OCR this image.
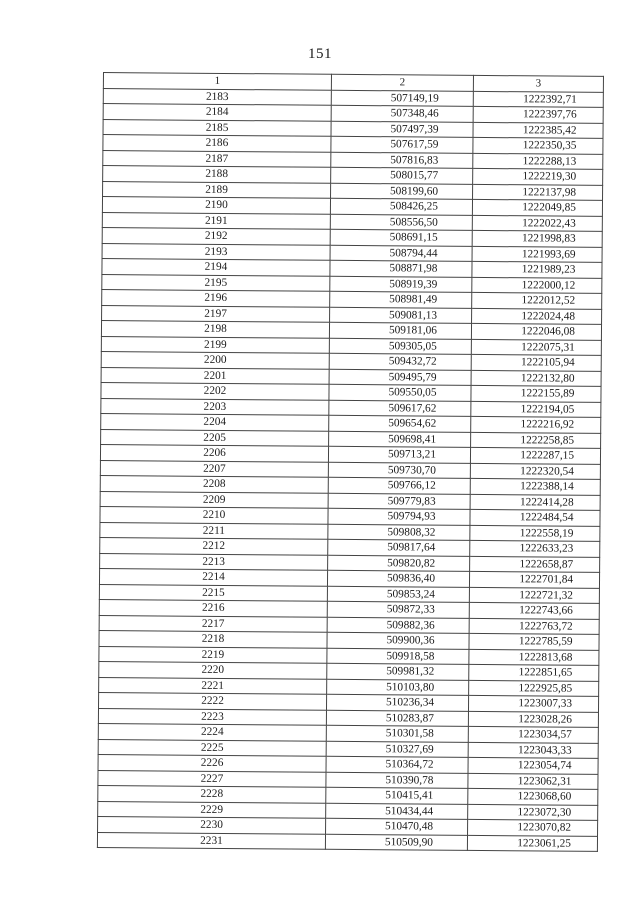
151
1	2	3
2183	507149,19	1222392,71
2184	507348,46	1222397,76
2185	507497,39	1222385,42
2186	507617,59	1222350,35
2187	507816,83	1222288,13
2188	508015,77	1222219,30
2189	508199,60	1222137,98
2190	508426,25	1222049,85
2191	508556,50	1222022,43
2192	508691,15	1221998,83
2193	508794,44	1221993,69
2194	508871,98	1221989,23
2195	508919,39	1222000,12
2196	508981,49	1222012,52
2197	509081,13	1222024,48
2198	509181,06	1222046,08
2199	509305,05	1222075,31
2200	509432,72	1222105,94
2201	509495,79	1222132,80
2202	509550,05	1222155,89
2203	509617,62	1222194,05
2204	509654,62	1222216,92
2205	509698,41	1222258,85
2206	509713,21	1222287,15
2207	509730,70	1222320,54
2208	509766,12	1222388,14
2209	509779,83	1222414,28
2210	509794,93	1222484,54
2211	509808,32	1222558,19
2212	509817,64	1222633,23
2213	509820,82	1222658,87
2214	509836,40	1222701,84
2215	509853,24	1222721,32
2216	509872,33	1222743,66
2217	509882,36	1222763,72
2218	509900,36	1222785,59
2219	509918,58	1222813,68
2220	509981,32	1222851,65
2221	510103,80	1222925,85
2222	510236,34	1223007,33
2223	510283,87	1223028,26
2224	510301,58	1223034,57
2225	510327,69	1223043,33
2226	510364,72	1223054,74
2227	510390,78	1223062,31
2228	510415,41	1223068,60
2229	510434,44	1223072,30
2230	510470,48	1223070,82
2231	510509,90	1223061,25
